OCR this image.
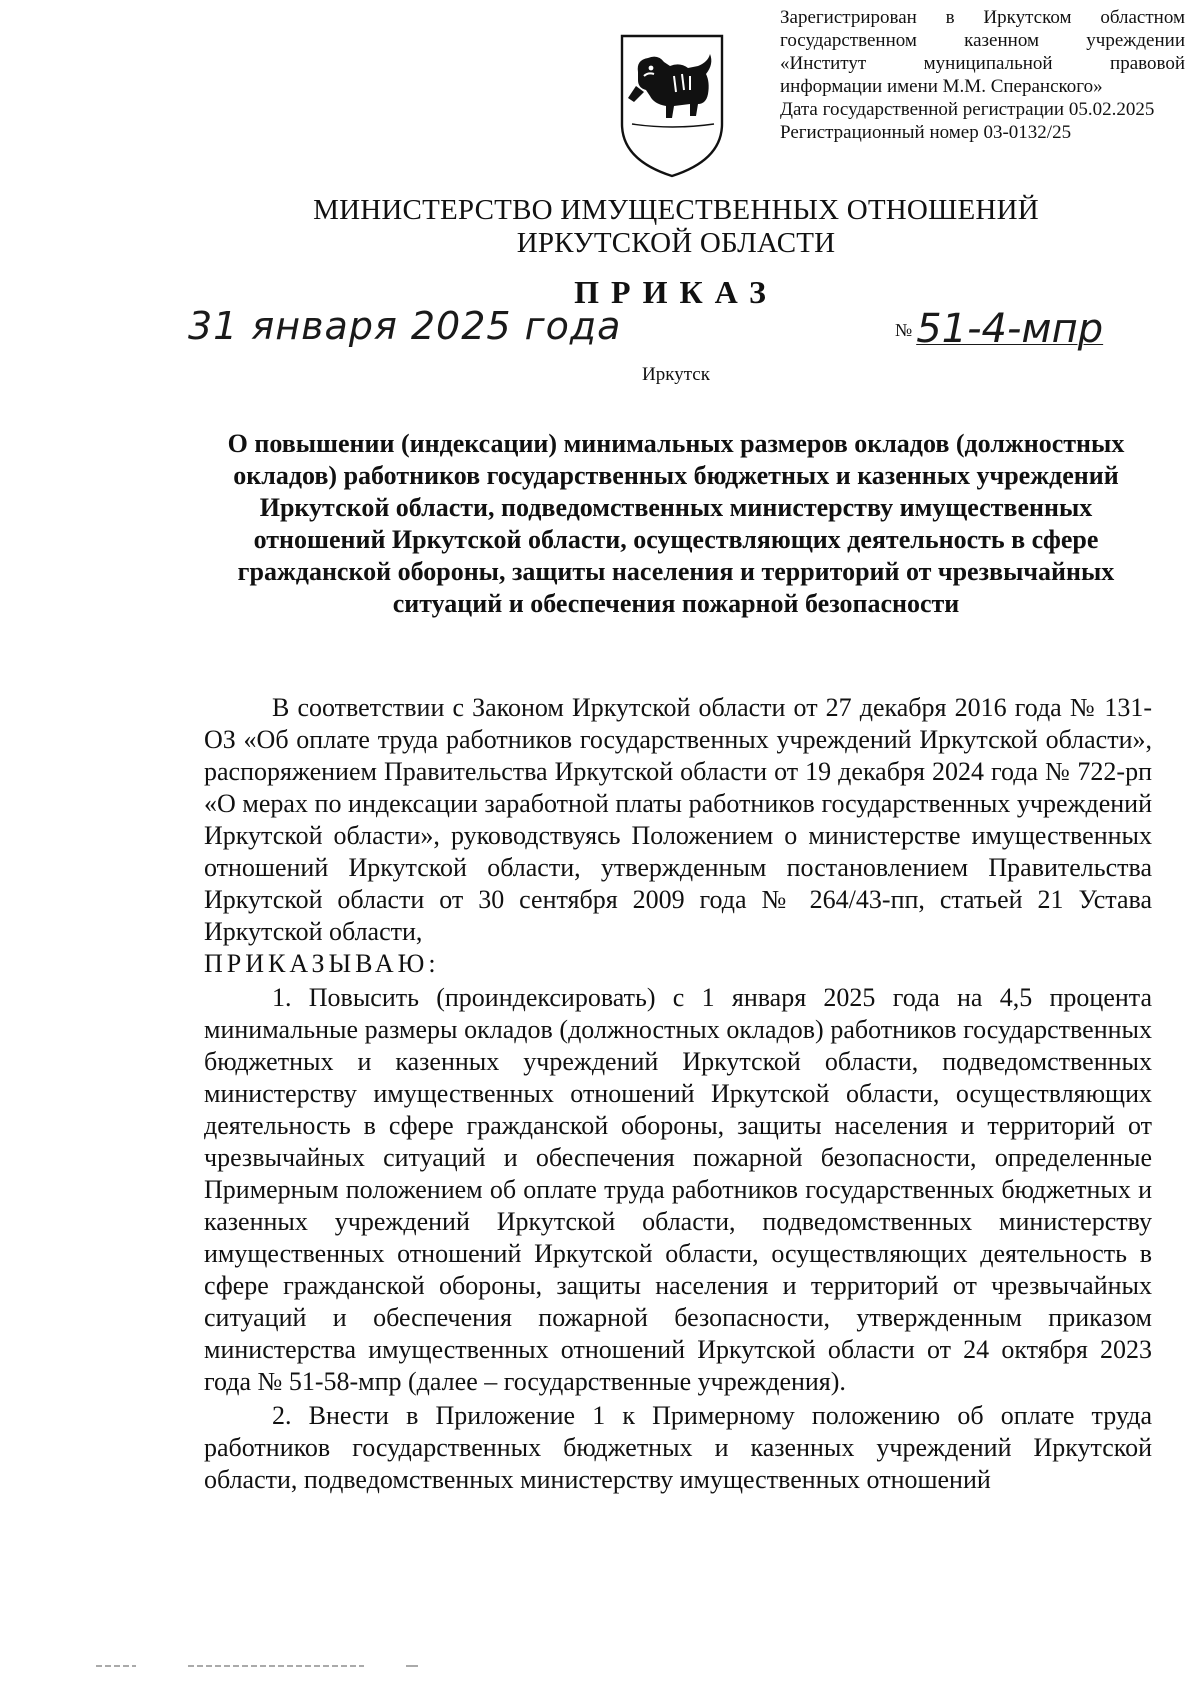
Зарегистрирован в Иркутском областном государственном казенном учреждении «Институт муниципальной правовой информации имени М.М. Сперанского»
Дата государственной регистрации 05.02.2025
Регистрационный номер 03-0132/25
МИНИСТЕРСТВО ИМУЩЕСТВЕННЫХ ОТНОШЕНИЙ
ИРКУТСКОЙ ОБЛАСТИ
ПРИКАЗ
31 января 2025 года	№ 51-4-мпр
Иркутск
О повышении (индексации) минимальных размеров окладов (должностных окладов) работников государственных бюджетных и казенных учреждений Иркутской области, подведомственных министерству имущественных отношений Иркутской области, осуществляющих деятельность в сфере гражданской обороны, защиты населения и территорий от чрезвычайных ситуаций и обеспечения пожарной безопасности

В соответствии с Законом Иркутской области от 27 декабря 2016 года № 131-ОЗ «Об оплате труда работников государственных учреждений Иркутской области», распоряжением Правительства Иркутской области от 19 декабря 2024 года № 722-рп «О мерах по индексации заработной платы работников государственных учреждений Иркутской области», руководствуясь Положением о министерстве имущественных отношений Иркутской области, утвержденным постановлением Правительства Иркутской области от 30 сентября 2009 года № 264/43-пп, статьей 21 Устава Иркутской области,

ПРИКАЗЫВАЮ:

1. Повысить (проиндексировать) с 1 января 2025 года на 4,5 процента минимальные размеры окладов (должностных окладов) работников государственных бюджетных и казенных учреждений Иркутской области, подведомственных министерству имущественных отношений Иркутской области, осуществляющих деятельность в сфере гражданской обороны, защиты населения и территорий от чрезвычайных ситуаций и обеспечения пожарной безопасности, определенные Примерным положением об оплате труда работников государственных бюджетных и казенных учреждений Иркутской области, подведомственных министерству имущественных отношений Иркутской области, осуществляющих деятельность в сфере гражданской обороны, защиты населения и территорий от чрезвычайных ситуаций и обеспечения пожарной безопасности, утвержденным приказом министерства имущественных отношений Иркутской области от 24 октября 2023 года № 51-58-мпр (далее – государственные учреждения).

2. Внести в Приложение 1 к Примерному положению об оплате труда работников государственных бюджетных и казенных учреждений Иркутской области, подведомственных министерству имущественных отношений
